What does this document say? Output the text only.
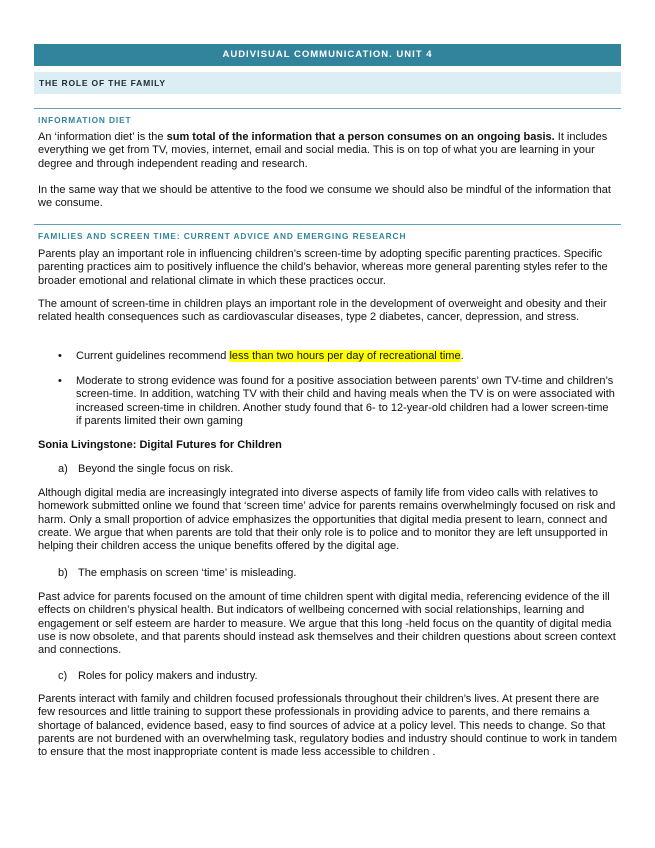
AUDIVISUAL COMMUNICATION. UNIT 4
THE ROLE OF THE FAMILY
INFORMATION DIET
An ‘information diet’ is the sum total of the information that a person consumes on an ongoing basis. It includes everything we get from TV, movies, internet, email and social media. This is on top of what you are learning in your degree and through independent reading and research.
In the same way that we should be attentive to the food we consume we should also be mindful of the information that we consume.
FAMILIES AND SCREEN TIME: CURRENT ADVICE AND EMERGING RESEARCH
Parents play an important role in influencing children’s screen-time by adopting specific parenting practices. Specific parenting practices aim to positively influence the child’s behavior, whereas more general parenting styles refer to the broader emotional and relational climate in which these practices occur.
The amount of screen-time in children plays an important role in the development of overweight and obesity and their related health consequences such as cardiovascular diseases, type 2 diabetes, cancer, depression, and stress.
• Current guidelines recommend less than two hours per day of recreational time.
• Moderate to strong evidence was found for a positive association between parents’ own TV-time and children’s screen-time. In addition, watching TV with their child and having meals when the TV is on were associated with increased screen-time in children. Another study found that 6- to 12-year-old children had a lower screen-time if parents limited their own gaming
Sonia Livingstone: Digital Futures for Children
a) Beyond the single focus on risk.
Although digital media are increasingly integrated into diverse aspects of family life from video calls with relatives to homework submitted online we found that ‘screen time’ advice for parents remains overwhelmingly focused on risk and harm. Only a small proportion of advice emphasizes the opportunities that digital media present to learn, connect and create. We argue that when parents are told that their only role is to police and to monitor they are left unsupported in helping their children access the unique benefits offered by the digital age.
b) The emphasis on screen ‘time’ is misleading.
Past advice for parents focused on the amount of time children spent with digital media, referencing evidence of the ill effects on children’s physical health. But indicators of wellbeing concerned with social relationships, learning and engagement or self esteem are harder to measure. We argue that this long -held focus on the quantity of digital media use is now obsolete, and that parents should instead ask themselves and their children questions about screen context and connections.
c) Roles for policy makers and industry.
Parents interact with family and children focused professionals throughout their children’s lives. At present there are few resources and little training to support these professionals in providing advice to parents, and there remains a shortage of balanced, evidence based, easy to find sources of advice at a policy level. This needs to change. So that parents are not burdened with an overwhelming task, regulatory bodies and industry should continue to work in tandem to ensure that the most inappropriate content is made less accessible to children .
